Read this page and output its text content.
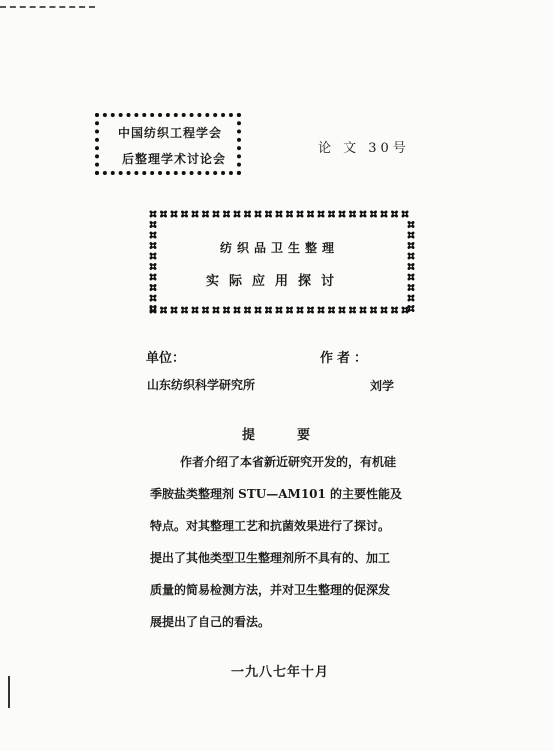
中国纺织工程学会
后整理学术讨论会
论 文 30号
纺织品卫生整理
实际应用探讨
单位：	作者：
山东纺织科学研究所	刘学
提要

作者介绍了本省新近研究开发的，有机硅

季胺盐类整理剂 STU—AM101 的主要性能及

特点。对其整理工艺和抗菌效果进行了探讨。

提出了其他类型卫生整理剂所不具有的、加工

质量的简易检测方法，并对卫生整理的促深发

展提出了自己的看法。

一九八七年十月
